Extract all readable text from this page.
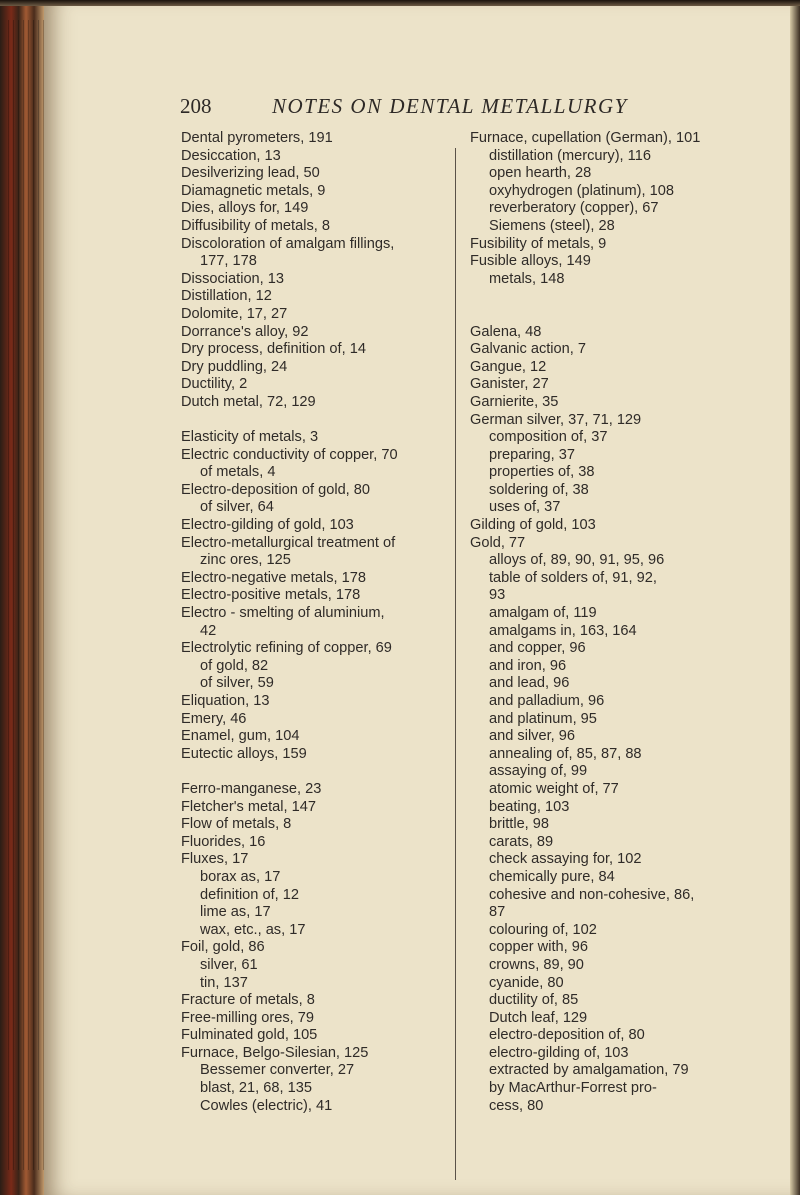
208	NOTES ON DENTAL METALLURGY
Dental pyrometers, 191
Desiccation, 13
Desilverizing lead, 50
Diamagnetic metals, 9
Dies, alloys for, 149
Diffusibility of metals, 8
Discoloration of amalgam fillings,
177, 178
Dissociation, 13
Distillation, 12
Dolomite, 17, 27
Dorrance's alloy, 92
Dry process, definition of, 14
Dry puddling, 24
Ductility, 2
Dutch metal, 72, 129
Elasticity of metals, 3
Electric conductivity of copper, 70
of metals, 4
Electro-deposition of gold, 80
of silver, 64
Electro-gilding of gold, 103
Electro-metallurgical treatment of
zinc ores, 125
Electro-negative metals, 178
Electro-positive metals, 178
Electro - smelting of aluminium,
42
Electrolytic refining of copper, 69
of gold, 82
of silver, 59
Eliquation, 13
Emery, 46
Enamel, gum, 104
Eutectic alloys, 159
Ferro-manganese, 23
Fletcher's metal, 147
Flow of metals, 8
Fluorides, 16
Fluxes, 17
borax as, 17
definition of, 12
lime as, 17
wax, etc., as, 17
Foil, gold, 86
silver, 61
tin, 137
Fracture of metals, 8
Free-milling ores, 79
Fulminated gold, 105
Furnace, Belgo-Silesian, 125
Bessemer converter, 27
blast, 21, 68, 135
Cowles (electric), 41
Furnace, cupellation (German), 101
distillation (mercury), 116
open hearth, 28
oxyhydrogen (platinum), 108
reverberatory (copper), 67
Siemens (steel), 28
Fusibility of metals, 9
Fusible alloys, 149
metals, 148
Galena, 48
Galvanic action, 7
Gangue, 12
Ganister, 27
Garnierite, 35
German silver, 37, 71, 129
composition of, 37
preparing, 37
properties of, 38
soldering of, 38
uses of, 37
Gilding of gold, 103
Gold, 77
alloys of, 89, 90, 91, 95, 96
table of solders of, 91, 92,
93
amalgam of, 119
amalgams in, 163, 164
and copper, 96
and iron, 96
and lead, 96
and palladium, 96
and platinum, 95
and silver, 96
annealing of, 85, 87, 88
assaying of, 99
atomic weight of, 77
beating, 103
brittle, 98
carats, 89
check assaying for, 102
chemically pure, 84
cohesive and non-cohesive, 86,
87
colouring of, 102
copper with, 96
crowns, 89, 90
cyanide, 80
ductility of, 85
Dutch leaf, 129
electro-deposition of, 80
electro-gilding of, 103
extracted by amalgamation, 79
by MacArthur-Forrest pro-
cess, 80
